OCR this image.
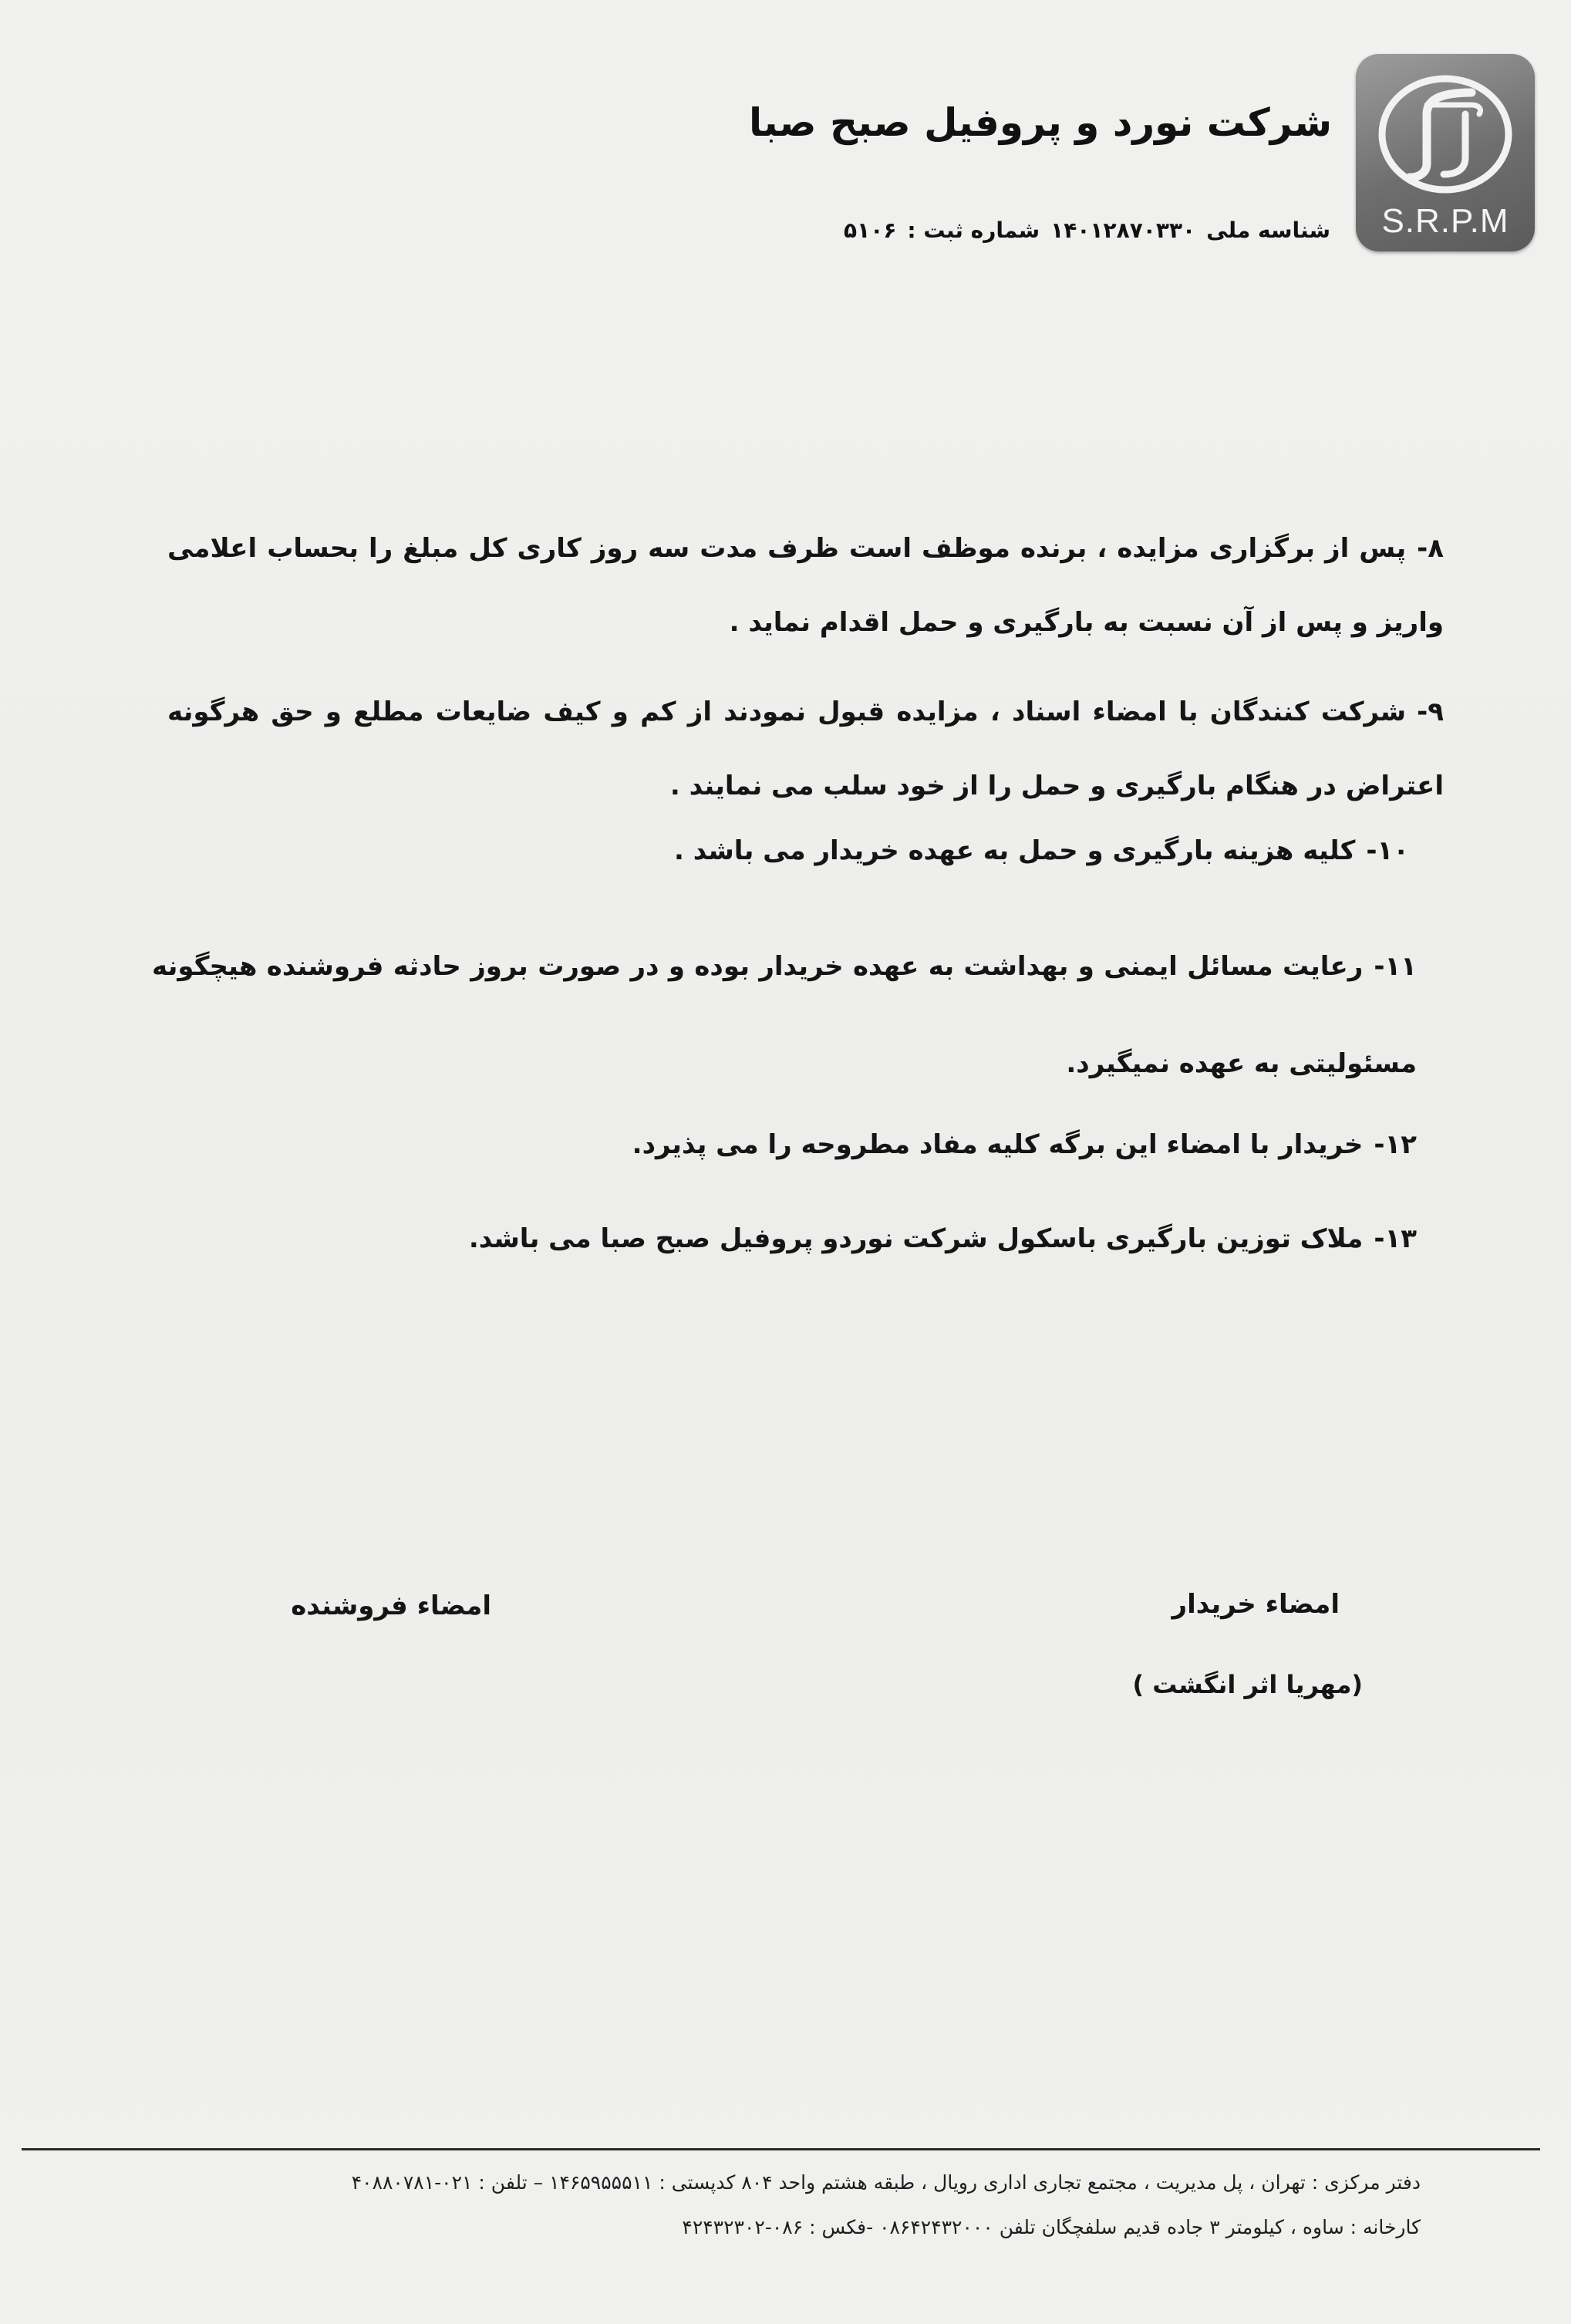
S.R.P.M
شرکت نورد و پروفیل صبح صبا
شناسه ملی۱۴۰۱۲۸۷۰۳۳۰شماره ثبت :۵۱۰۶
۸-پس از برگزاری مزایده ، برنده موظف است ظرف مدت سه روز کاری کل مبلغ را بحساب اعلامی واریز و پس از آن نسبت به بارگیری و حمل اقدام نماید .
۹-شرکت کنندگان با امضاء اسناد ، مزایده قبول نمودند از کم و کیف ضایعات مطلع و حق هرگونه اعتراض در هنگام بارگیری و حمل را از خود سلب می نمایند .
۱۰-کلیه هزینه بارگیری و حمل به عهده خریدار می باشد .
۱۱-رعایت مسائل ایمنی و بهداشت به عهده خریدار بوده و در صورت بروز حادثه فروشنده هیچگونه مسئولیتی به عهده نمیگیرد.
۱۲-خریدار با امضاء این برگه کلیه مفاد مطروحه را می پذیرد.
۱۳-ملاک توزین بارگیری باسکول شرکت نوردو پروفیل صبح صبا می باشد.
امضاء خریدار
(مهریا اثر انگشت )
امضاء فروشنده
دفتر مرکزی : تهران ، پل مدیریت ، مجتمع تجاری اداری رویال ، طبقه هشتم واحد ۸۰۴ کدپستی : ۱۴۶۵۹۵۵۵۱۱ – تلفن : ۰۲۱-۴۰۸۸۰۷۸۱
کارخانه : ساوه ، کیلومتر ۳ جاده قدیم سلفچگان تلفن ۰۸۶۴۲۴۳۲۰۰۰ -فکس : ۰۸۶-۴۲۴۳۲۳۰۲
